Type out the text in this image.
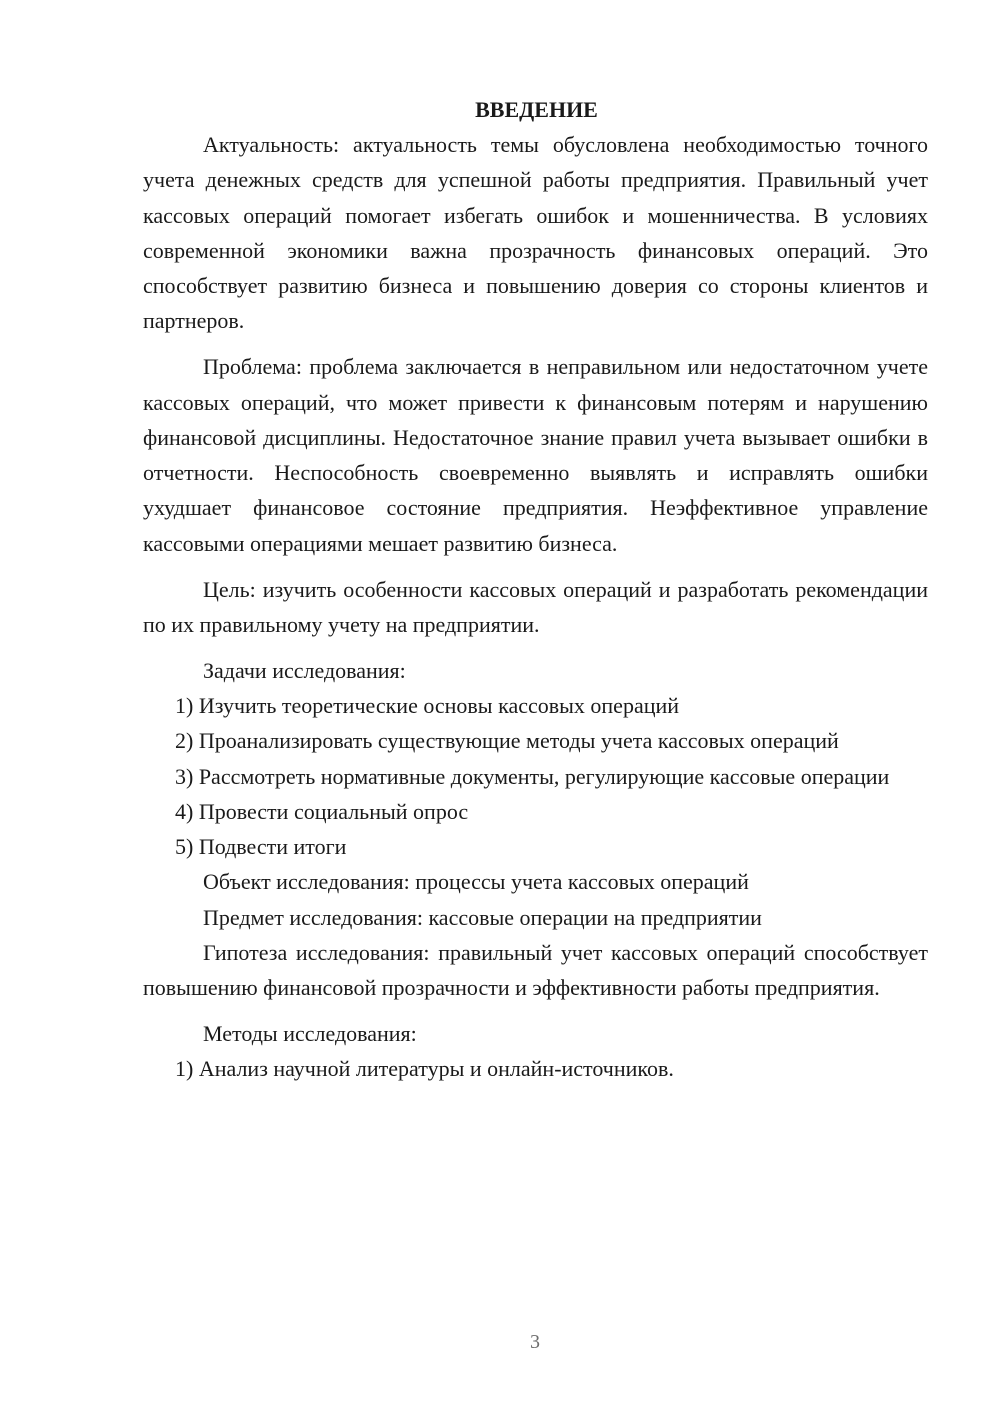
ВВЕДЕНИЕ

Актуальность: актуальность темы обусловлена необходимостью точного учета денежных средств для успешной работы предприятия. Правильный учет кассовых операций помогает избегать ошибок и мошенничества. В условиях современной экономики важна прозрачность финансовых операций. Это способствует развитию бизнеса и повышению доверия со стороны клиентов и партнеров.

Проблема: проблема заключается в неправильном или недостаточном учете кассовых операций, что может привести к финансовым потерям и нарушению финансовой дисциплины. Недостаточное знание правил учета вызывает ошибки в отчетности. Неспособность своевременно выявлять и исправлять ошибки ухудшает финансовое состояние предприятия. Неэффективное управление кассовыми операциями мешает развитию бизнеса.

Цель: изучить особенности кассовых операций и разработать рекомендации по их правильному учету на предприятии.

Задачи исследования:

1) Изучить теоретические основы кассовых операций

2) Проанализировать существующие методы учета кассовых операций

3) Рассмотреть нормативные документы, регулирующие кассовые операции

4) Провести социальный опрос

5) Подвести итоги

Объект исследования: процессы учета кассовых операций

Предмет исследования: кассовые операции на предприятии

Гипотеза исследования: правильный учет кассовых операций способствует повышению финансовой прозрачности и эффективности работы предприятия.

Методы исследования:

1) Анализ научной литературы и онлайн-источников.

3
